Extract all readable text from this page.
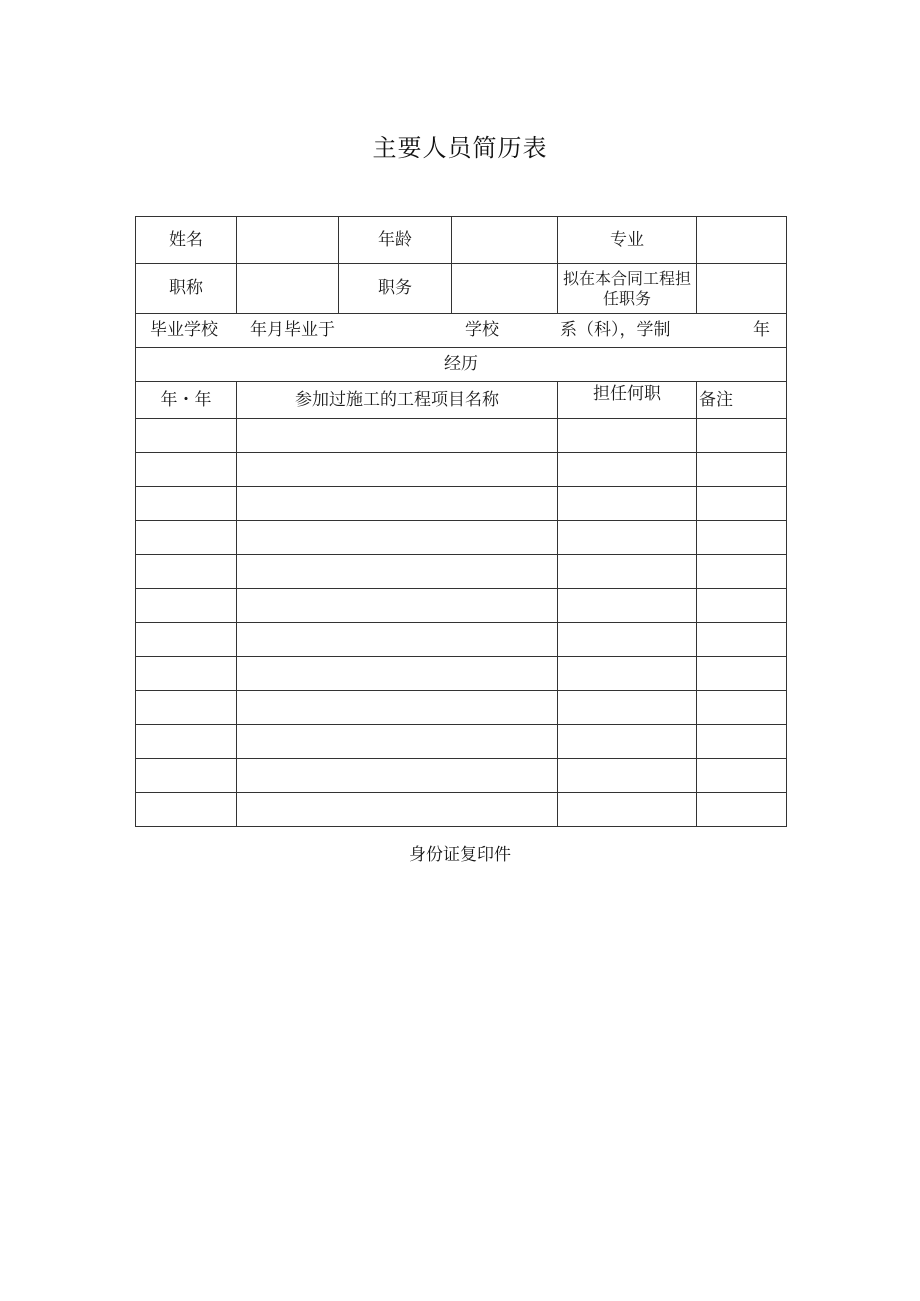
主要人员简历表
姓名		年龄		专业	
职称		职务		拟在本合同工程担任职务	

毕业学校 年月毕业于 学校 系（科），学制 年					

经历					
年・年	参加过施工的工程项目名称			担任何职	备注

身份证复印件
